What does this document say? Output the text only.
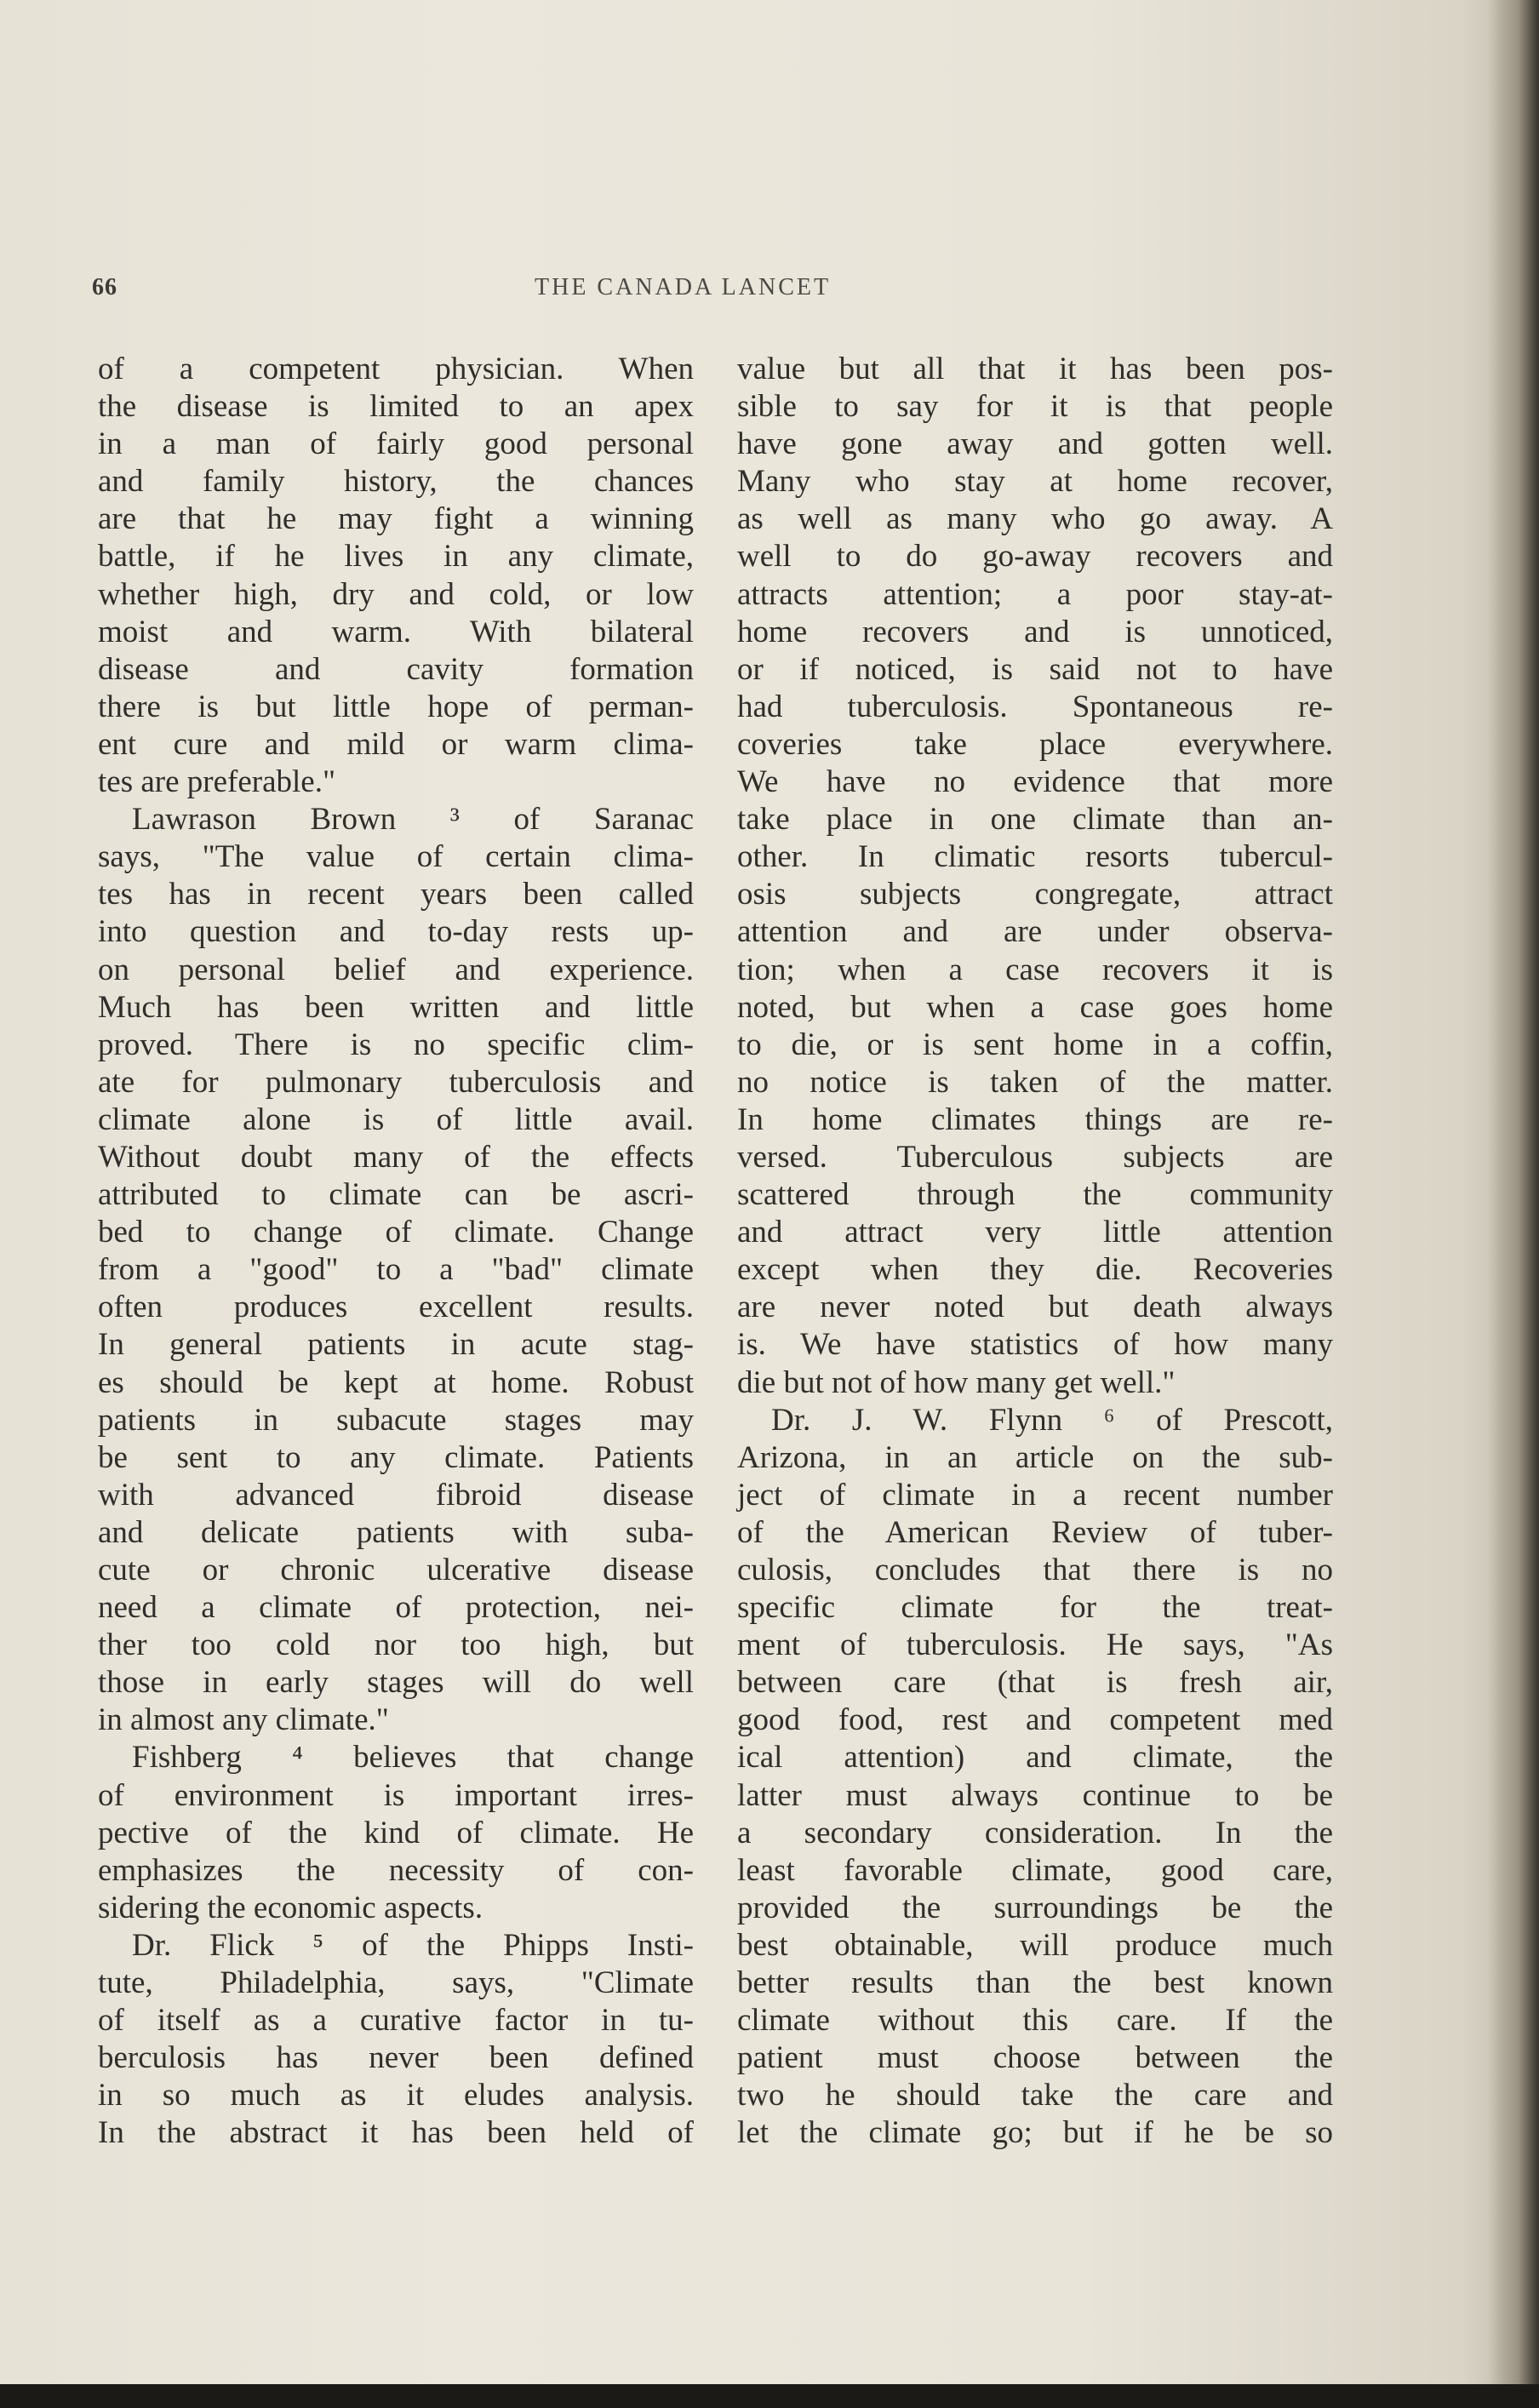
66	THE CANADA LANCET
of a competent physician. When
the disease is limited to an apex
in a man of fairly good personal
and family history, the chances
are that he may fight a winning
battle, if he lives in any climate,
whether high, dry and cold, or low
moist and warm. With bilateral
disease and cavity formation
there is but little hope of perman-
ent cure and mild or warm clima-
tes are preferable."
Lawrason Brown ³ of Saranac
says, "The value of certain clima-
tes has in recent years been called
into question and to-day rests up-
on personal belief and experience.
Much has been written and little
proved. There is no specific clim-
ate for pulmonary tuberculosis and
climate alone is of little avail.
Without doubt many of the effects
attributed to climate can be ascri-
bed to change of climate. Change
from a "good" to a "bad" climate
often produces excellent results.
In general patients in acute stag-
es should be kept at home. Robust
patients in subacute stages may
be sent to any climate. Patients
with advanced fibroid disease
and delicate patients with suba-
cute or chronic ulcerative disease
need a climate of protection, nei-
ther too cold nor too high, but
those in early stages will do well
in almost any climate."
Fishberg ⁴ believes that change
of environment is important irres-
pective of the kind of climate. He
emphasizes the necessity of con-
sidering the economic aspects.
Dr. Flick ⁵ of the Phipps Insti-
tute, Philadelphia, says, "Climate
of itself as a curative factor in tu-
berculosis has never been defined
in so much as it eludes analysis.
In the abstract it has been held of
value but all that it has been pos-
sible to say for it is that people
have gone away and gotten well.
Many who stay at home recover,
as well as many who go away. A
well to do go-away recovers and
attracts attention; a poor stay-at-
home recovers and is unnoticed,
or if noticed, is said not to have
had tuberculosis. Spontaneous re-
coveries take place everywhere.
We have no evidence that more
take place in one climate than an-
other. In climatic resorts tubercul-
osis subjects congregate, attract
attention and are under observa-
tion; when a case recovers it is
noted, but when a case goes home
to die, or is sent home in a coffin,
no notice is taken of the matter.
In home climates things are re-
versed. Tuberculous subjects are
scattered through the community
and attract very little attention
except when they die. Recoveries
are never noted but death always
is. We have statistics of how many
die but not of how many get well."
Dr. J. W. Flynn ⁶ of Prescott,
Arizona, in an article on the sub-
ject of climate in a recent number
of the American Review of tuber-
culosis, concludes that there is no
specific climate for the treat-
ment of tuberculosis. He says, "As
between care (that is fresh air,
good food, rest and competent med
ical attention) and climate, the
latter must always continue to be
a secondary consideration. In the
least favorable climate, good care,
provided the surroundings be the
best obtainable, will produce much
better results than the best known
climate without this care. If the
patient must choose between the
two he should take the care and
let the climate go; but if he be so
